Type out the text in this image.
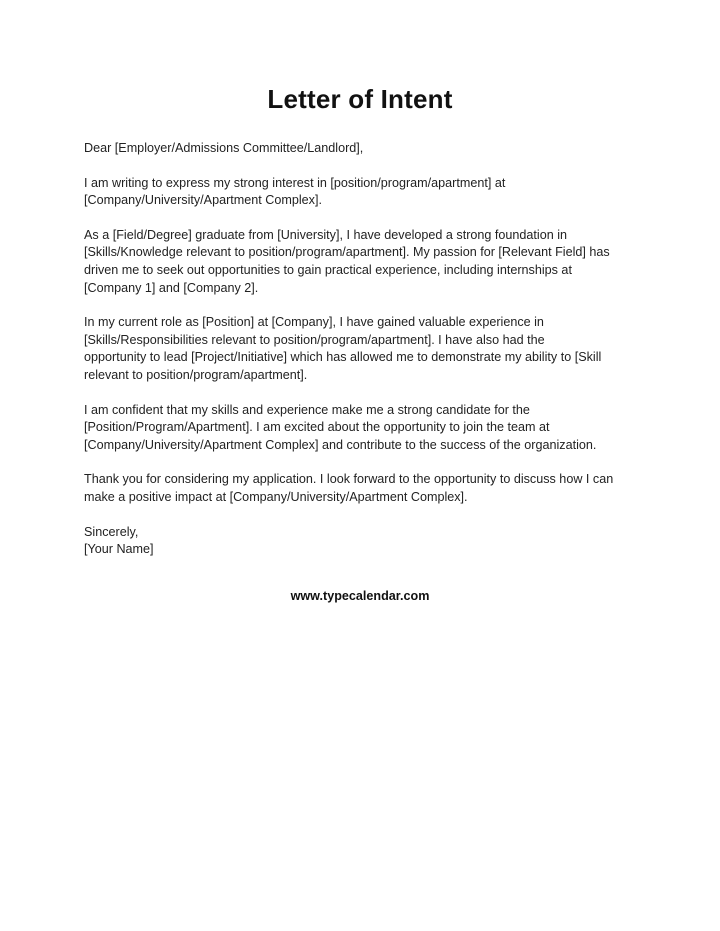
Letter of Intent

Dear [Employer/Admissions Committee/Landlord],

I am writing to express my strong interest in [position/program/apartment] at
[Company/University/Apartment Complex].

As a [Field/Degree] graduate from [University], I have developed a strong foundation in
[Skills/Knowledge relevant to position/program/apartment]. My passion for [Relevant Field] has
driven me to seek out opportunities to gain practical experience, including internships at
[Company 1] and [Company 2].

In my current role as [Position] at [Company], I have gained valuable experience in
[Skills/Responsibilities relevant to position/program/apartment]. I have also had the
opportunity to lead [Project/Initiative] which has allowed me to demonstrate my ability to [Skill
relevant to position/program/apartment].

I am confident that my skills and experience make me a strong candidate for the
[Position/Program/Apartment]. I am excited about the opportunity to join the team at
[Company/University/Apartment Complex] and contribute to the success of the organization.

Thank you for considering my application. I look forward to the opportunity to discuss how I can
make a positive impact at [Company/University/Apartment Complex].

Sincerely,
[Your Name]

www.typecalendar.com
